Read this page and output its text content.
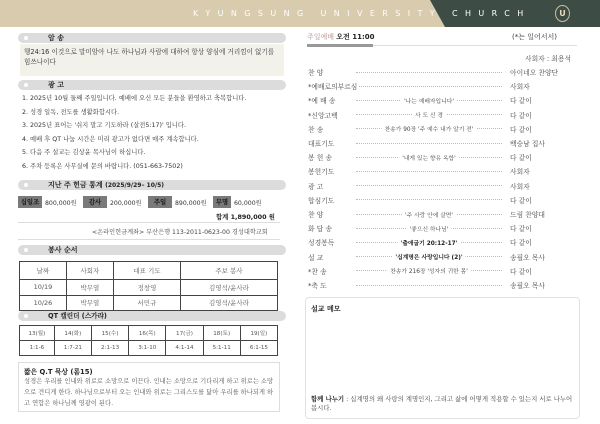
KYUNGSUNG UNIVERSITY CHURCH	U
암 송
행24:16 이것으로 말미암아 나도 하나님과 사람에 대하여 항상 양심에 거리낌이 없기를 힘쓰나이다
광 고
1. 2025년 10월 둘째 주일입니다. 예배에 오신 모든 분들을 환영하고 축복합니다.
2. 성경 일독, 전도를 생활화합시다.
3. 2025년 표어는 '쉬지 말고 기도하라 (살전5:17)' 입니다.
4. 예배 후 QT 나눔 시간은 미리 광고가 없다면 매주 계속합니다.
5. 다음 주 설교는 김상윤 목사님이 하십니다.
6. 주차 등록은 사무실에 문의 바랍니다. (051-663-7502)
지난 주 헌금 통계 (2025/9/29– 10/5)
십일조 800,000원	감사	200,000원	주일	890,000원	무명 60,000원
합계 1,890,000 원
<온라인헌금계좌> 부산은행 113-2011-0623-00 경성대학교회
봉사 순서
날짜	사회자	대표 기도	주보 봉사
10/19	박무열	정창영	김영석/윤사라
10/26	박무열	서민규	김영석/윤사라
QT 캘린더 (스가랴)
13(월)	14(화)	15(수)	16(목)	17(금)	18(토)	19(일)
1:1-6	1:7-21	2:1-13	3:1-10	4:1-14	5:1-11	6:1-15
짧은 Q.T 묵상 (롬15)
성경은 우리를 인내와 위로로 소망으로 이끈다. 인내는 소망으로 기다리게 하고 위로는 소망으로 견디게 한다. 하나님으로부터 오는 인내와 위로는 그리스도를 닮아 우리를 하나되게 하고 연합은 하나님께 영광이 된다.
주일예배 오전 11:00	(*는 일어서서)
사회자 : 최용석
찬 양	아이네오 찬양단
*예배로의부르심	사회자
*예 배 송	'나는 예배자입니다'	다 같이
*신앙고백	사 도 신 경	다 같이
찬 송	찬송가 90장 '주 예수 내가 알기 전'	다 같이
대표기도	백승남 집사
봉 헌 송	'내게 있는 향유 옥합'	다 같이
봉헌기도	사회자
광 고	사회자
합심기도	다 같이
찬 양	'주 사랑 안에 살면'	드림 찬양대
화 답 송	'좋으신 하나님'	다 같이
성경봉독	'출애굽기 20:12-17'	다 같이
설 교	'십계명은 사랑입니다 (2)'	송필오 목사
*찬 송	찬송가 216장 '성자의 귀한 몸'	다 같이
*축 도	송필오 목사
설교 메모
함께 나누기 : 십계명의 왜 사랑의 계명인지, 그리고 삶에 어떻게 적용할 수 있는지 서로 나누어 봅시다.
